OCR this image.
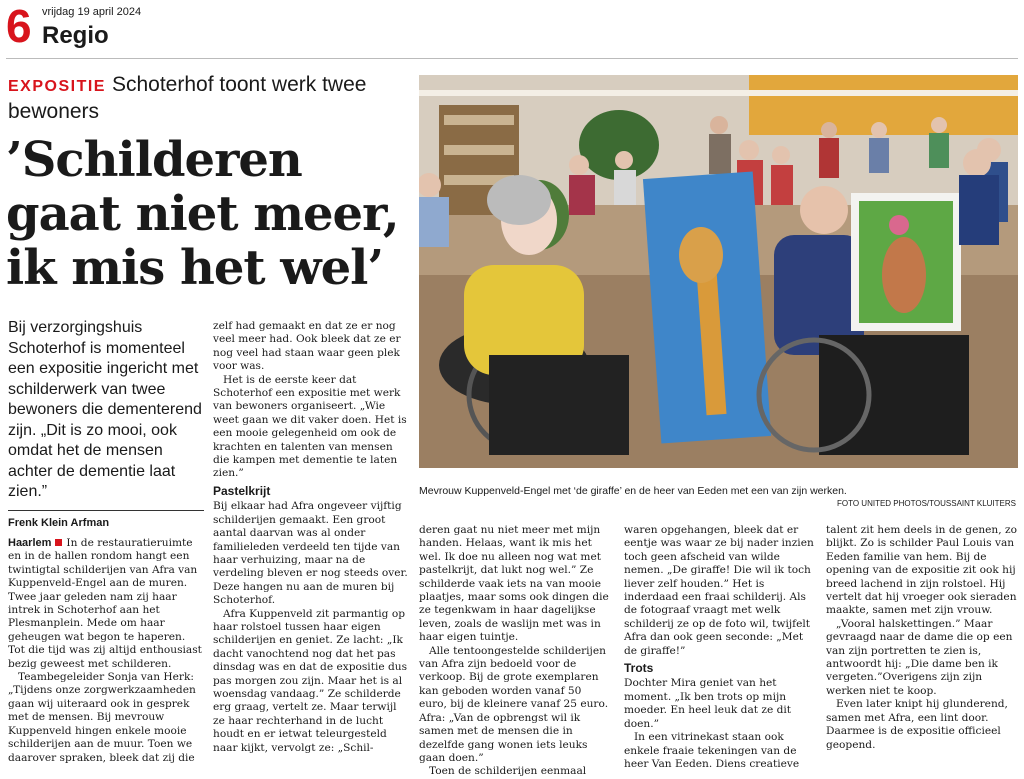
6 vrijdag 19 april 2024
Regio
EXPOSITIE Schoterhof toont werk twee bewoners
’Schilderen gaat niet meer, ik mis het wel’
Bij verzorgingshuis Schoterhof is momenteel een expositie ingericht met schilderwerk van twee bewoners die dementerend zijn. „Dit is zo mooi, ook omdat het de mensen achter de dementie laat zien.”
Frenk Klein Arfman

Haarlem In de restauratieruimte en in de hallen rondom hangt een twintigtal schilderijen van Afra van Kuppenveld-Engel aan de muren. Twee jaar geleden nam zij haar intrek in Schoterhof aan het Plesmanplein. Mede om haar geheugen wat begon te haperen. Tot die tijd was zij altijd enthousiast bezig geweest met schilderen.

Teambegeleider Sonja van Herk: „Tijdens onze zorgwerkzaamheden gaan wij uiteraard ook in gesprek met de mensen. Bij mevrouw Kuppenveld hingen enkele mooie schilderijen aan de muur. Toen we daarover spraken, bleek dat zij die

zelf had gemaakt en dat ze er nog veel meer had. Ook bleek dat ze er nog veel had staan waar geen plek voor was.

Het is de eerste keer dat Schoterhof een expositie met werk van bewoners organiseert. „Wie weet gaan we dit vaker doen. Het is een mooie gelegenheid om ook de krachten en talenten van mensen die kampen met dementie te laten zien.”

Pastelkrijt

Bij elkaar had Afra ongeveer vijftig schilderijen gemaakt. Een groot aantal daarvan was al onder familieleden verdeeld ten tijde van haar verhuizing, maar na de verdeling bleven er nog steeds over. Deze hangen nu aan de muren bij Schoterhof.

Afra Kuppenveld zit parmantig op haar rolstoel tussen haar eigen schilderijen en geniet. Ze lacht: „Ik dacht vanochtend nog dat het pas dinsdag was en dat de expositie dus pas morgen zou zijn. Maar het is al woensdag vandaag.” Ze schilderde erg graag, vertelt ze. Maar terwijl ze haar rechterhand in de lucht houdt en er ietwat teleurgesteld naar kijkt, vervolgt ze: „Schil-

Mevrouw Kuppenveld-Engel met ‘de giraffe’ en de heer van Eeden met een van zijn werken.
FOTO UNITED PHOTOS/TOUSSAINT KLUITERS

deren gaat nu niet meer met mijn handen. Helaas, want ik mis het wel. Ik doe nu alleen nog wat met pastelkrijt, dat lukt nog wel.” Ze schilderde vaak iets na van mooie plaatjes, maar soms ook dingen die ze tegenkwam in haar dagelijkse leven, zoals de waslijn met was in haar eigen tuintje.

Alle tentoongestelde schilderijen van Afra zijn bedoeld voor de verkoop. Bij de grote exemplaren kan geboden worden vanaf 50 euro, bij de kleinere vanaf 25 euro. Afra: „Van de opbrengst wil ik samen met de mensen die in dezelfde gang wonen iets leuks gaan doen.”

Toen de schilderijen eenmaal

waren opgehangen, bleek dat er eentje was waar ze bij nader inzien toch geen afscheid van wilde nemen. „De giraffe! Die wil ik toch liever zelf houden.” Het is inderdaad een fraai schilderij. Als de fotograaf vraagt met welk schilderij ze op de foto wil, twijfelt Afra dan ook geen seconde: „Met de giraffe!”

Trots

Dochter Mira geniet van het moment. „Ik ben trots op mijn moeder. En heel leuk dat ze dit doen.”

In een vitrinekast staan ook enkele fraaie tekeningen van de heer Van Eeden. Diens creatieve

talent zit hem deels in de genen, zo blijkt. Zo is schilder Paul Louis van Eeden familie van hem. Bij de opening van de expositie zit ook hij breed lachend in zijn rolstoel. Hij vertelt dat hij vroeger ook sieraden maakte, samen met zijn vrouw.

„Vooral halskettingen.” Maar gevraagd naar de dame die op een van zijn portretten te zien is, antwoordt hij: „Die dame ben ik vergeten.”Overigens zijn zijn werken niet te koop.

Even later knipt hij glunderend, samen met Afra, een lint door. Daarmee is de expositie officieel geopend.
